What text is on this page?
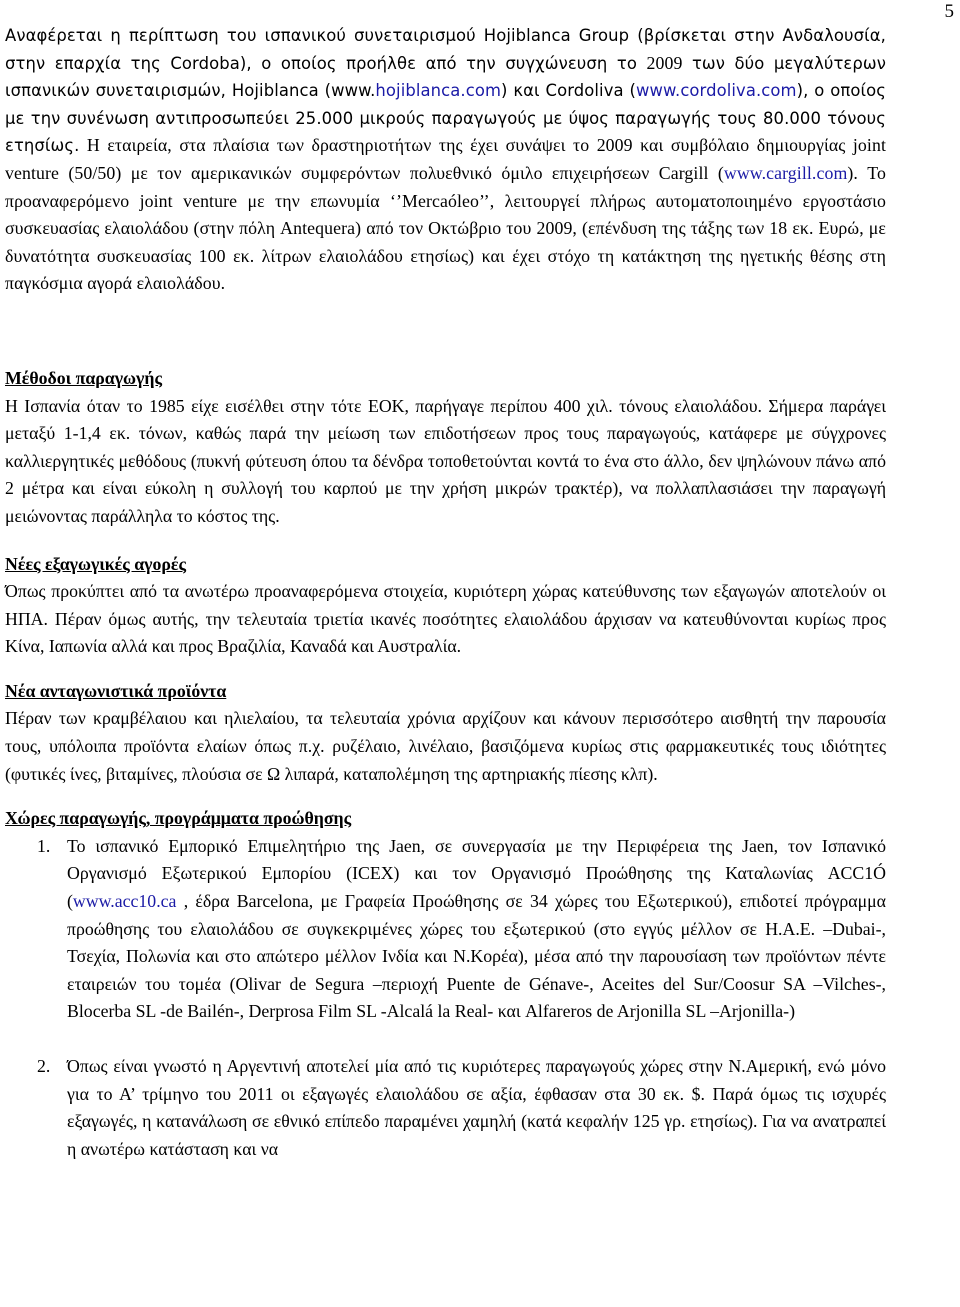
5

Αναφέρεται η περίπτωση του ισπανικού συνεταιρισμού Hojiblanca Group (βρίσκεται στην Ανδαλουσία, στην επαρχία της Cordoba), ο οποίος προήλθε από την συγχώνευση το 2009 των δύο μεγαλύτερων ισπανικών συνεταιρισμών, Hojiblanca (www.hojiblanca.com) και Cordoliva (www.cordoliva.com), ο οποίος με την συνένωση αντιπροσωπεύει 25.000 μικρούς παραγωγούς με ύψος παραγωγής τους 80.000 τόνους ετησίως. Η εταιρεία, στα πλαίσια των δραστηριοτήτων της έχει συνάψει το 2009 και συμβόλαιο δημιουργίας joint venture (50/50) με τον αμερικανικών συμφερόντων πολυεθνικό όμιλο επιχειρήσεων Cargill (www.cargill.com). Το προαναφερόμενο joint venture με την επωνυμία ‘’Mercaóleo’’, λειτουργεί πλήρως αυτοματοποιημένο εργοστάσιο συσκευασίας ελαιολάδου (στην πόλη Antequera) από τον Οκτώβριο του 2009, (επένδυση της τάξης των 18 εκ. Ευρώ, με δυνατότητα συσκευασίας 100 εκ. λίτρων ελαιολάδου ετησίως) και έχει στόχο τη κατάκτηση της ηγετικής θέσης στη παγκόσμια αγορά ελαιολάδου.

Μέθοδοι παραγωγής

Η Ισπανία όταν το 1985 είχε εισέλθει στην τότε ΕΟΚ, παρήγαγε περίπου 400 χιλ. τόνους ελαιολάδου. Σήμερα παράγει μεταξύ 1-1,4 εκ. τόνων, καθώς παρά την μείωση των επιδοτήσεων προς τους παραγωγούς, κατάφερε με σύγχρονες καλλιεργητικές μεθόδους (πυκνή φύτευση όπου τα δένδρα τοποθετούνται κοντά το ένα στο άλλο, δεν ψηλώνουν πάνω από 2 μέτρα και είναι εύκολη η συλλογή του καρπού με την χρήση μικρών τρακτέρ), να πολλαπλασιάσει την παραγωγή μειώνοντας παράλληλα το κόστος της.

Νέες εξαγωγικές αγορές

Όπως προκύπτει από τα ανωτέρω προαναφερόμενα στοιχεία, κυριότερη χώρας κατεύθυνσης των εξαγωγών αποτελούν οι ΗΠΑ. Πέραν όμως αυτής, την τελευταία τριετία ικανές ποσότητες ελαιολάδου άρχισαν να κατευθύνονται κυρίως προς Κίνα, Ιαπωνία αλλά και προς Βραζιλία, Καναδά και Αυστραλία.

Νέα ανταγωνιστικά προϊόντα

Πέραν των κραμβέλαιου και ηλιελαίου, τα τελευταία χρόνια αρχίζουν και κάνουν περισσότερο αισθητή την παρουσία τους, υπόλοιπα προϊόντα ελαίων όπως π.χ. ρυζέλαιο, λινέλαιο, βασιζόμενα κυρίως στις φαρμακευτικές τους ιδιότητες (φυτικές ίνες, βιταμίνες, πλούσια σε Ω λιπαρά, καταπολέμηση της αρτηριακής πίεσης κλπ).

Χώρες παραγωγής, προγράμματα προώθησης
1. Το ισπανικό Εμπορικό Επιμελητήριο της Jaen, σε συνεργασία με την Περιφέρεια της Jaen, τον Ισπανικό Οργανισμό Εξωτερικού Εμπορίου (ICEX) και τον Οργανισμό Προώθησης της Καταλωνίας ACC1Ó (www.acc10.ca , έδρα Barcelona, με Γραφεία Προώθησης σε 34 χώρες του Εξωτερικού), επιδοτεί πρόγραμμα προώθησης του ελαιολάδου σε συγκεκριμένες χώρες του εξωτερικού (στο εγγύς μέλλον σε Η.Α.Ε. –Dubai-, Τσεχία, Πολωνία και στο απώτερο μέλλον Ινδία και Ν.Κορέα), μέσα από την παρουσίαση των προϊόντων πέντε εταιρειών του τομέα (Olivar de Segura –περιοχή Puente de Génave-, Aceites del Sur/Coosur SA –Vilches-, Blocerba SL -de Bailén-, Derprosa Film SL -Alcalá la Real- και Alfareros de Arjonilla SL –Arjonilla-)

2. Όπως είναι γνωστό η Αργεντινή αποτελεί μία από τις κυριότερες παραγωγούς χώρες στην Ν.Αμερική, ενώ μόνο για το Α’ τρίμηνο του 2011 οι εξαγωγές ελαιολάδου σε αξία, έφθασαν στα 30 εκ. $. Παρά όμως τις ισχυρές εξαγωγές, η κατανάλωση σε εθνικό επίπεδο παραμένει χαμηλή (κατά κεφαλήν 125 γρ. ετησίως). Για να ανατραπεί η ανωτέρω κατάσταση και να
